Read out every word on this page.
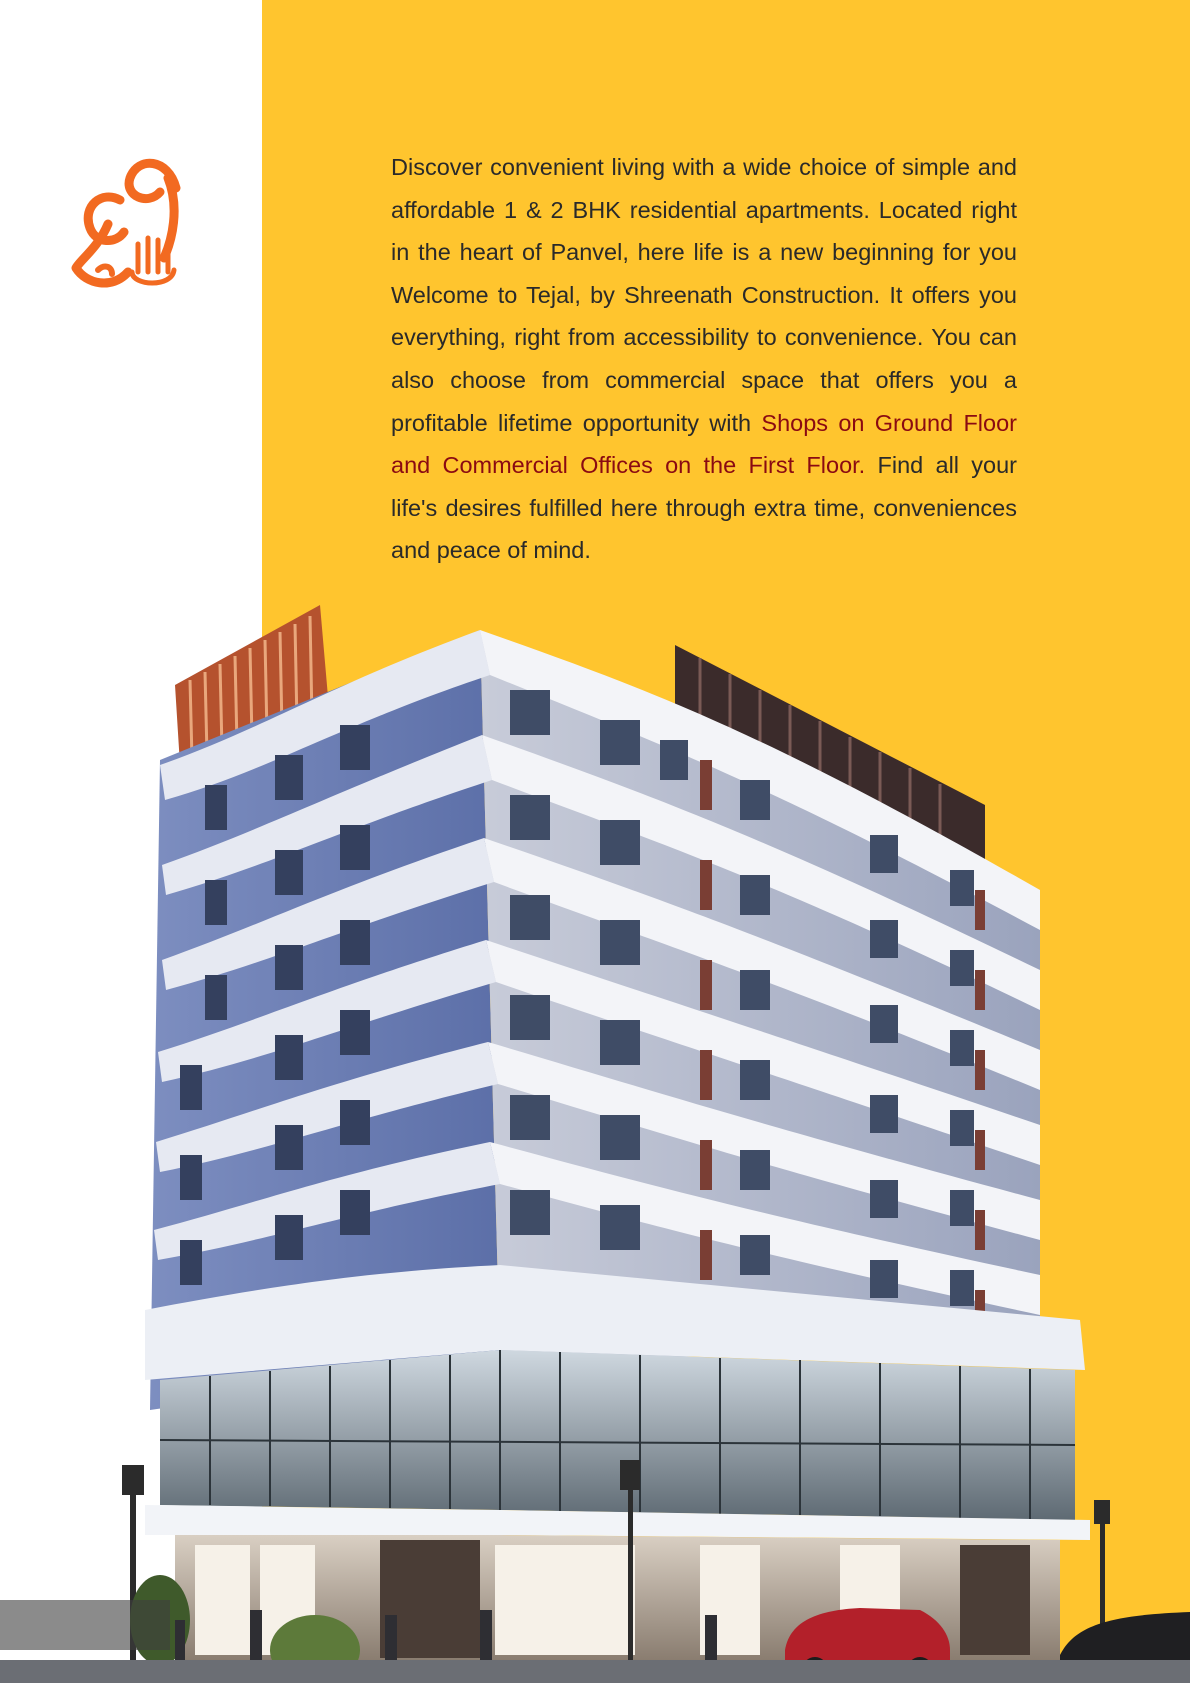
Discover convenient living with a wide choice of simple and affordable 1 & 2 BHK residential apartments. Located right in the heart of Panvel, here life is a new beginning for you Welcome to Tejal, by Shreenath Construction. It offers you everything, right from accessibility to convenience. You can also choose from commercial space that offers you a profitable lifetime opportunity with Shops on Ground Floor and Commercial Offices on the First Floor. Find all your life's desires fulfilled here through extra time, conveniences and peace of mind.
